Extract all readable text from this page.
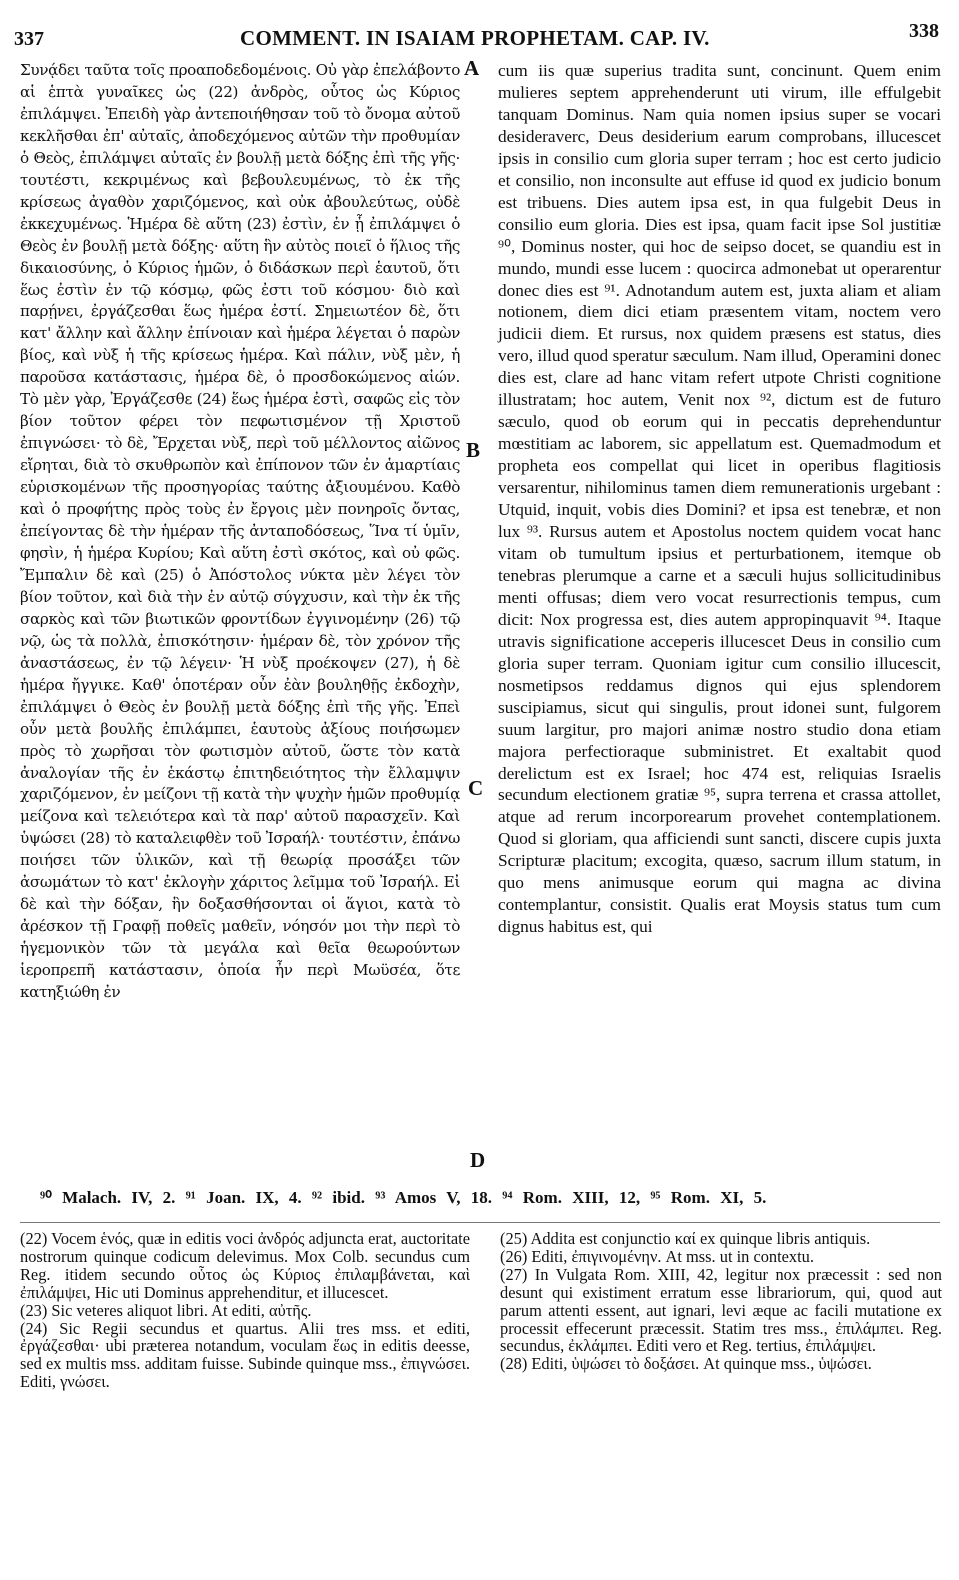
337	COMMENT. IN ISAIAM PROPHETAM. CAP. IV.	338

Συνᾴδει ταῦτα τοῖς προαποδεδομένοις. Οὐ γὰρ ἐπελάβοντο αἱ ἑπτὰ γυναῖκες ὡς (22) ἀνδρὸς, οὗτος ὡς Κύριος ἐπιλάμψει. Ἐπειδὴ γὰρ ἀντεποιήθησαν τοῦ τὸ ὄνομα αὐτοῦ κεκλῆσθαι ἐπ' αὐταῖς, ἀποδεχόμενος αὐτῶν τὴν προθυμίαν ὁ Θεὸς, ἐπιλάμψει αὐταῖς ἐν βουλῇ μετὰ δόξης ἐπὶ τῆς γῆς· τουτέστι, κεκριμένως καὶ βεβουλευμένως, τὸ ἐκ τῆς κρίσεως ἀγαθὸν χαριζόμενος, καὶ οὐκ ἀβουλεύτως, οὐδὲ ἐκκεχυμένως. Ἡμέρα δὲ αὕτη (23) ἐστὶν, ἐν ᾗ ἐπιλάμψει ὁ Θεὸς ἐν βουλῇ μετὰ δόξης· αὕτη ἣν αὐτὸς ποιεῖ ὁ ἥλιος τῆς δικαιοσύνης, ὁ Κύριος ἡμῶν, ὁ διδάσκων περὶ ἑαυτοῦ, ὅτι ἕως ἐστὶν ἐν τῷ κόσμῳ, φῶς ἐστι τοῦ κόσμου· διὸ καὶ παρῄνει, ἐργάζεσθαι ἕως ἡμέρα ἐστί. Σημειωτέον δὲ, ὅτι κατ' ἄλλην καὶ ἄλλην ἐπίνοιαν καὶ ἡμέρα λέγεται ὁ παρὼν βίος, καὶ νὺξ ἡ τῆς κρίσεως ἡμέρα. Καὶ πάλιν, νὺξ μὲν, ἡ παροῦσα κατάστασις, ἡμέρα δὲ, ὁ προσδοκώμενος αἰών. Τὸ μὲν γὰρ, Ἐργάζεσθε (24) ἕως ἡμέρα ἐστὶ, σαφῶς εἰς τὸν βίον τοῦτον φέρει τὸν πεφωτισμένον τῇ Χριστοῦ ἐπιγνώσει· τὸ δὲ, Ἔρχεται νὺξ, περὶ τοῦ μέλλοντος αἰῶνος εἴρηται, διὰ τὸ σκυθρωπὸν καὶ ἐπίπονον τῶν ἐν ἁμαρτίαις εὑρισκομένων τῆς προσηγορίας ταύτης ἀξιουμένου. Καθὸ καὶ ὁ προφήτης πρὸς τοὺς ἐν ἔργοις μὲν πονηροῖς ὄντας, ἐπείγοντας δὲ τὴν ἡμέραν τῆς ἀνταποδόσεως, Ἵνα τί ὑμῖν, φησὶν, ἡ ἡμέρα Κυρίου; Καὶ αὕτη ἐστὶ σκότος, καὶ οὐ φῶς. Ἔμπαλιν δὲ καὶ (25) ὁ Ἀπόστολος νύκτα μὲν λέγει τὸν βίον τοῦτον, καὶ διὰ τὴν ἐν αὐτῷ σύγχυσιν, καὶ τὴν ἐκ τῆς σαρκὸς καὶ τῶν βιωτικῶν φροντίδων ἐγγινομένην (26) τῷ νῷ, ὡς τὰ πολλὰ, ἐπισκότησιν· ἡμέραν δὲ, τὸν χρόνον τῆς ἀναστάσεως, ἐν τῷ λέγειν· Ἡ νὺξ προέκοψεν (27), ἡ δὲ ἡμέρα ἤγγικε. Καθ' ὁποτέραν οὖν ἐὰν βουληθῇς ἐκδοχὴν, ἐπιλάμψει ὁ Θεὸς ἐν βουλῇ μετὰ δόξης ἐπὶ τῆς γῆς. Ἐπεὶ οὖν μετὰ βουλῆς ἐπιλάμπει, ἑαυτοὺς ἀξίους ποιήσωμεν πρὸς τὸ χωρῆσαι τὸν φωτισμὸν αὐτοῦ, ὥστε τὸν κατὰ ἀναλογίαν τῆς ἐν ἑκάστῳ ἐπιτηδειότητος τὴν ἔλλαμψιν χαριζόμενον, ἐν μείζονι τῇ κατὰ τὴν ψυχὴν ἡμῶν προθυμίᾳ μείζονα καὶ τελειότερα καὶ τὰ παρ' αὐτοῦ παρασχεῖν. Καὶ ὑψώσει (28) τὸ καταλειφθὲν τοῦ Ἰσραήλ· τουτέστιν, ἐπάνω ποιήσει τῶν ὑλικῶν, καὶ τῇ θεωρίᾳ προσάξει τῶν ἀσωμάτων τὸ κατ' ἐκλογὴν χάριτος λεῖμμα τοῦ Ἰσραήλ. Εἰ δὲ καὶ τὴν δόξαν, ἣν δοξασθήσονται οἱ ἅγιοι, κατὰ τὸ ἀρέσκον τῇ Γραφῇ ποθεῖς μαθεῖν, νόησόν μοι τὴν περὶ τὸ ἡγεμονικὸν τῶν τὰ μεγάλα καὶ θεῖα θεωρούντων ἱεροπρεπῆ κατάστασιν, ὁποία ἦν περὶ Μωϋσέα, ὅτε κατηξιώθη ἐν

A
B
C
D

cum iis quæ superius tradita sunt, concinunt. Quem enim mulieres septem apprehenderunt uti virum, ille effulgebit tanquam Dominus. Nam quia nomen ipsius super se vocari desideraverc, Deus desiderium earum comprobans, illucescet ipsis in consilio cum gloria super terram ; hoc est certo judicio et consilio, non inconsulte aut effuse id quod ex judicio bonum est tribuens. Dies autem ipsa est, in qua fulgebit Deus in consilio eum gloria. Dies est ipsa, quam facit ipse Sol justitiæ ⁹⁰, Dominus noster, qui hoc de seipso docet, se quandiu est in mundo, mundi esse lucem : quocirca admonebat ut operarentur donec dies est ⁹¹. Adnotandum autem est, juxta aliam et aliam notionem, diem dici etiam præsentem vitam, noctem vero judicii diem. Et rursus, nox quidem præsens est status, dies vero, illud quod speratur sæculum. Nam illud, Operamini donec dies est, clare ad hanc vitam refert utpote Christi cognitione illustratam; hoc autem, Venit nox ⁹², dictum est de futuro sæculo, quod ob eorum qui in peccatis deprehenduntur mœstitiam ac laborem, sic appellatum est. Quemadmodum et propheta eos compellat qui licet in operibus flagitiosis versarentur, nihilominus tamen diem remunerationis urgebant : Utquid, inquit, vobis dies Domini? et ipsa est tenebræ, et non lux ⁹³. Rursus autem et Apostolus noctem quidem vocat hanc vitam ob tumultum ipsius et perturbationem, itemque ob tenebras plerumque a carne et a sæculi hujus sollicitudinibus menti offusas; diem vero vocat resurrectionis tempus, cum dicit: Nox progressa est, dies autem appropinquavit ⁹⁴. Itaque utravis significatione acceperis illucescet Deus in consilio cum gloria super terram. Quoniam igitur cum consilio illucescit, nosmetipsos reddamus dignos qui ejus splendorem suscipiamus, sicut qui singulis, prout idonei sunt, fulgorem suum largitur, pro majori animæ nostro studio dona etiam majora perfectioraque subministret. Et exaltabit quod derelictum est ex Israel; hoc 474 est, reliquias Israelis secundum electionem gratiæ ⁹⁵, supra terrena et crassa attollet, atque ad rerum incorporearum provehet contemplationem. Quod si gloriam, qua afficiendi sunt sancti, discere cupis juxta Scripturæ placitum; excogita, quæso, sacrum illum statum, in quo mens animusque eorum qui magna ac divina contemplantur, consistit. Qualis erat Moysis status tum cum dignus habitus est, qui

⁹⁰ Malach. IV, 2. ⁹¹ Joan. IX, 4. ⁹² ibid. ⁹³ Amos V, 18. ⁹⁴ Rom. XIII, 12, ⁹⁵ Rom. XI, 5.

(22) Vocem ἑνός, quæ in editis voci ἀνδρός adjuncta erat, auctoritate nostrorum quinque codicum delevimus. Mox Colb. secundus cum Reg. itidem secundo οὗτος ὡς Κύριος ἐπιλαμβάνεται, καὶ ἐπιλάμψει, Hic uti Dominus apprehenditur, et illucescet.

(23) Sic veteres aliquot libri. At editi, αὐτῆς.

(24) Sic Regii secundus et quartus. Alii tres mss. et editi, ἐργάζεσθαι· ubi præterea notandum, voculam ἕως in editis deesse, sed ex multis mss. additam fuisse. Subinde quinque mss., ἐπιγνώσει. Editi, γνώσει.

(25) Addita est conjunctio καί ex quinque libris antiquis.

(26) Editi, ἐπιγινομένην. At mss. ut in contextu.

(27) In Vulgata Rom. XIII, 42, legitur nox præcessit : sed non desunt qui existiment erratum esse librariorum, qui, quod aut parum attenti essent, aut ignari, levi æque ac facili mutatione ex processit effecerunt præcessit. Statim tres mss., ἐπιλάμπει. Reg. secundus, ἐκλάμπει. Editi vero et Reg. tertius, ἐπιλάμψει.

(28) Editi, ὑψώσει τὸ δοξάσει. At quinque mss., ὑψώσει.
